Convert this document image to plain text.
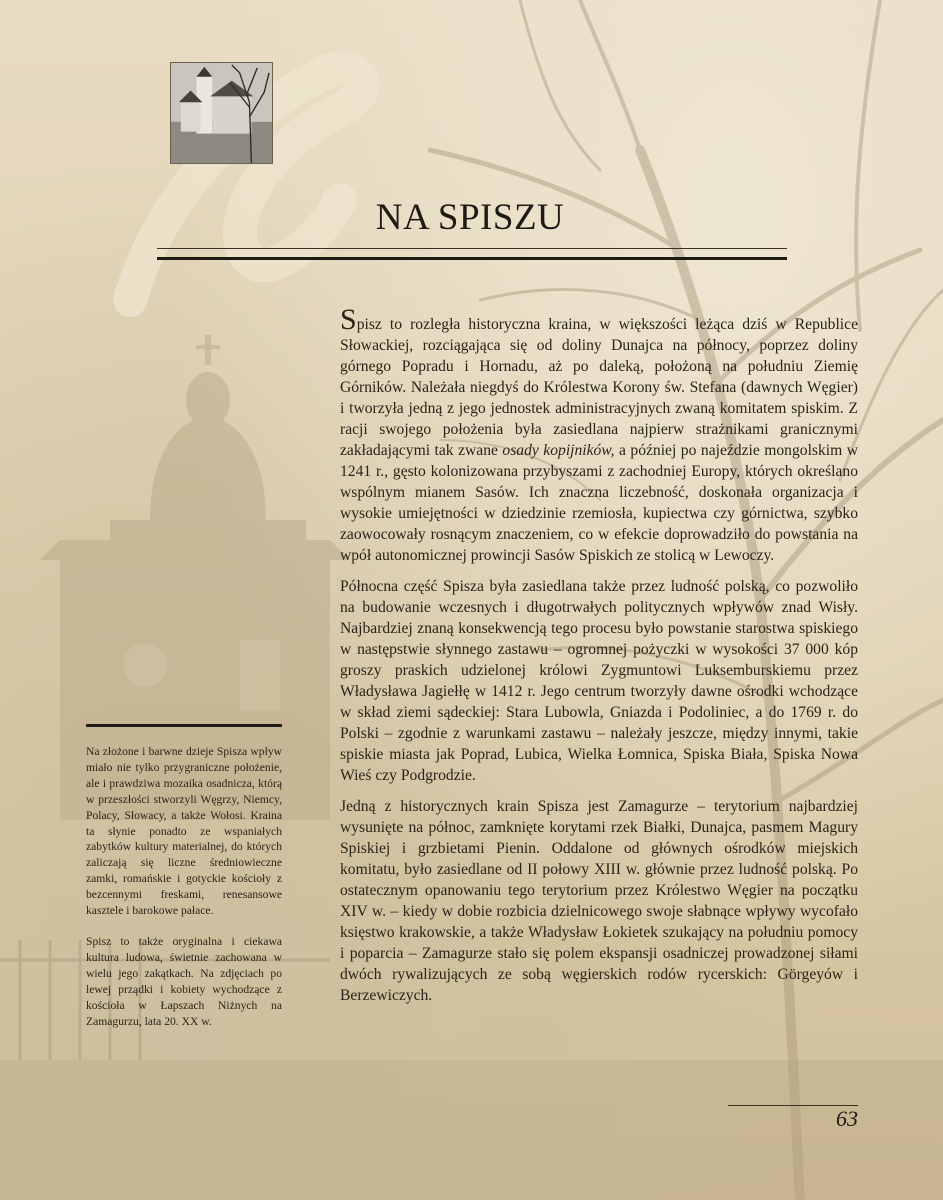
NA SPISZU

Spisz to rozległa historyczna kraina, w większości leżąca dziś w Republice Słowackiej, rozciągająca się od doliny Dunajca na północy, poprzez doliny górnego Popradu i Hornadu, aż po daleką, położoną na południu Ziemię Górników. Należała niegdyś do Królestwa Korony św. Stefana (dawnych Węgier) i tworzyła jedną z jego jednostek administracyjnych zwaną komitatem spiskim. Z racji swojego położenia była zasiedlana najpierw strażnikami granicznymi zakładającymi tak zwane osady kopijników, a później po najeździe mongolskim w 1241 r., gęsto kolonizowana przybyszami z zachodniej Europy, których określano wspólnym mianem Sasów. Ich znaczna liczebność, doskonała organizacja i wysokie umiejętności w dziedzinie rzemiosła, kupiectwa czy górnictwa, szybko zaowocowały rosnącym znaczeniem, co w efekcie doprowadziło do powstania na wpół autonomicznej prowincji Sasów Spiskich ze stolicą w Lewoczy.

Północna część Spisza była zasiedlana także przez ludność polską, co pozwoliło na budowanie wczesnych i długotrwałych politycznych wpływów znad Wisły. Najbardziej znaną konsekwencją tego procesu było powstanie starostwa spiskiego w następstwie słynnego zastawu – ogromnej pożyczki w wysokości 37 000 kóp groszy praskich udzielonej królowi Zygmuntowi Luksemburskiemu przez Władysława Jagiełłę w 1412 r. Jego centrum tworzyły dawne ośrodki wchodzące w skład ziemi sądeckiej: Stara Lubowla, Gniazda i Podoliniec, a do 1769 r. do Polski – zgodnie z warunkami zastawu – należały jeszcze, między innymi, takie spiskie miasta jak Poprad, Lubica, Wielka Łomnica, Spiska Biała, Spiska Nowa Wieś czy Podgrodzie.

Jedną z historycznych krain Spisza jest Zamagurze – terytorium najbardziej wysunięte na północ, zamknięte korytami rzek Białki, Dunajca, pasmem Magury Spiskiej i grzbietami Pienin. Oddalone od głównych ośrodków miejskich komitatu, było zasiedlane od II połowy XIII w. głównie przez ludność polską. Po ostatecznym opanowaniu tego terytorium przez Królestwo Węgier na początku XIV w. – kiedy w dobie rozbicia dzielnicowego swoje słabnące wpływy wycofało księstwo krakowskie, a także Władysław Łokietek szukający na południu pomocy i poparcia – Zamagurze stało się polem ekspansji osadniczej prowadzonej siłami dwóch rywalizujących ze sobą węgierskich rodów rycerskich: Görgeyów i Berzewiczych.

Na złożone i barwne dzieje Spisza wpływ miało nie tylko przygraniczne położenie, ale i prawdziwa mozaika osadnicza, którą w przeszłości stworzyli Węgrzy, Niemcy, Polacy, Słowacy, a także Wołosi. Kraina ta słynie ponadto ze wspaniałych zabytków kultury materialnej, do których zaliczają się liczne średniowieczne zamki, romańskie i gotyckie kościoły z bezcennymi freskami, renesansowe kasztele i barokowe pałace.

Spisz to także oryginalna i ciekawa kultura ludowa, świetnie zachowana w wielu jego zakątkach. Na zdjęciach po lewej prządki i kobiety wychodzące z kościoła w Łapszach Niżnych na Zamagurzu, lata 20. XX w.

63
